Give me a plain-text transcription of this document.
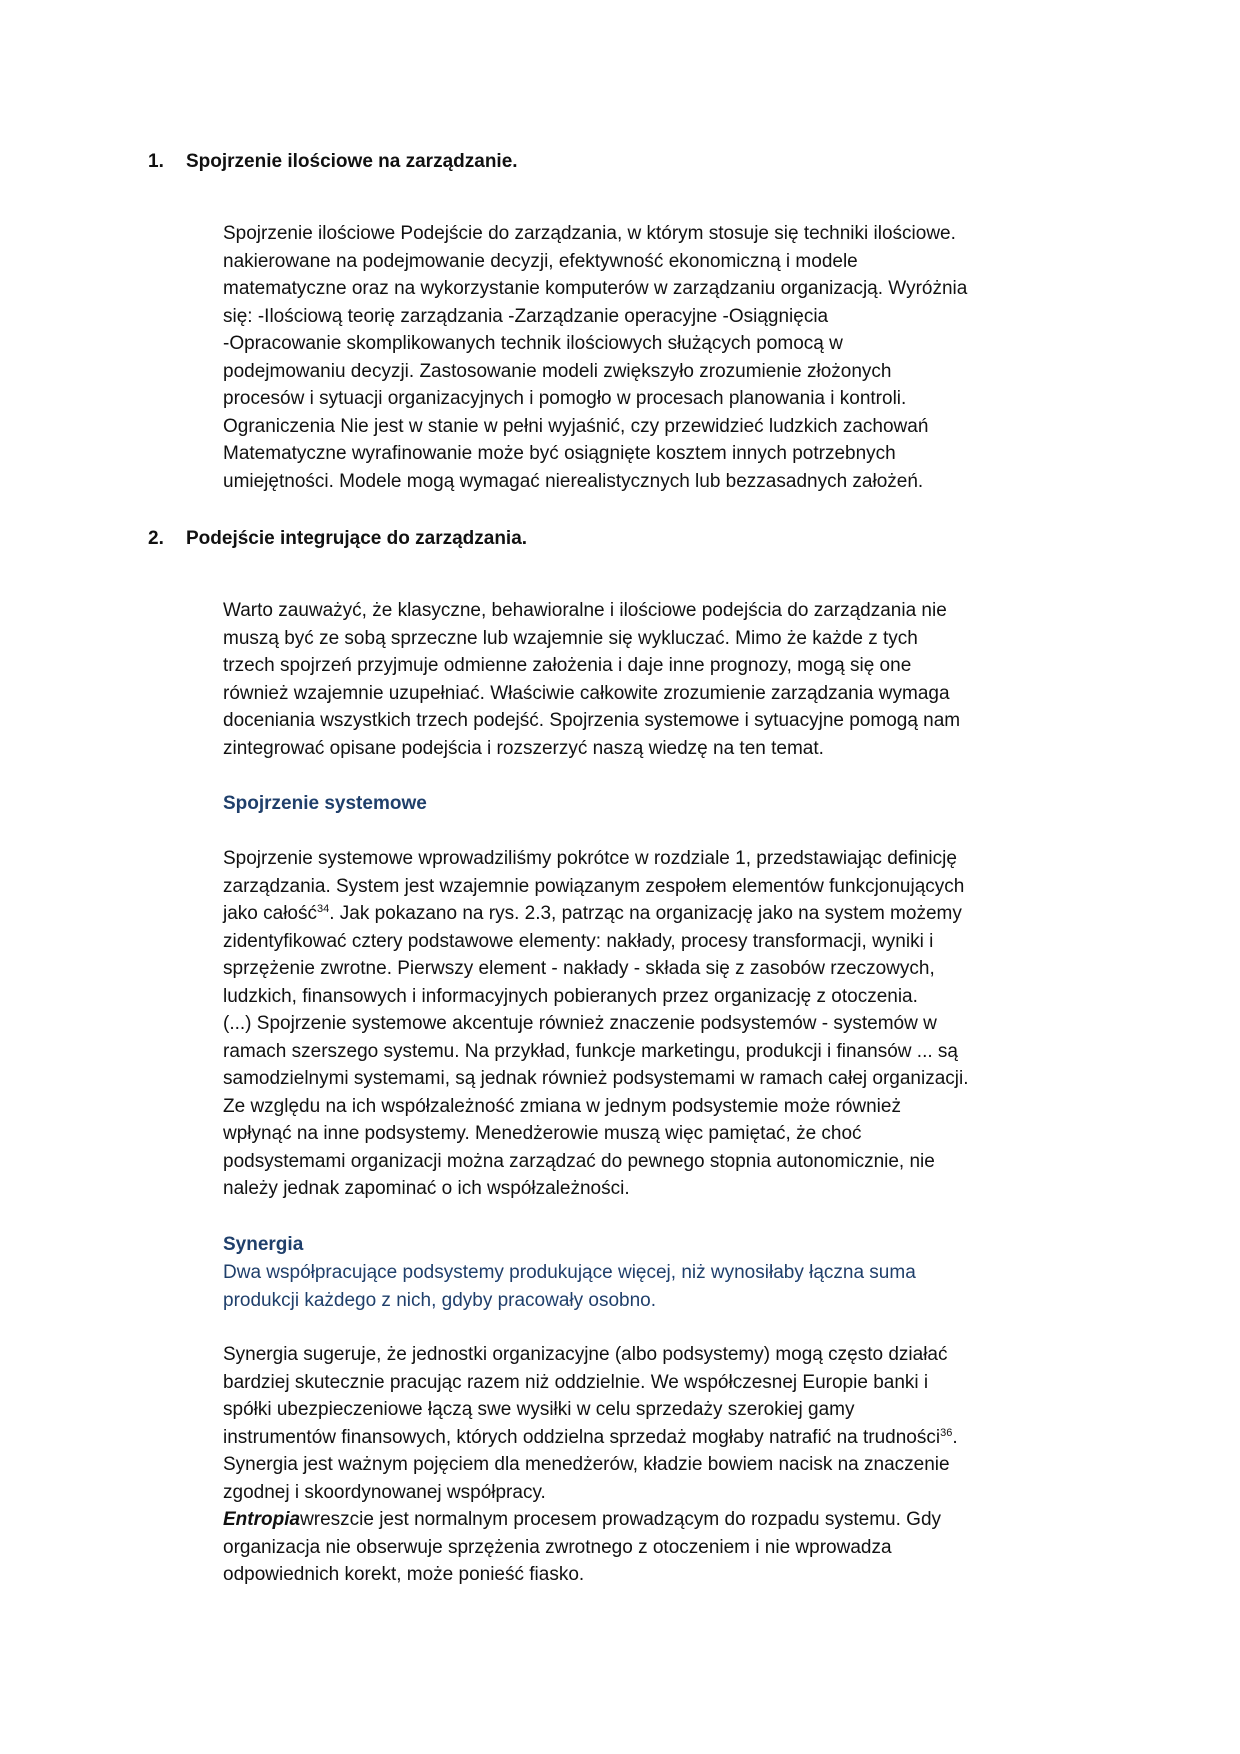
1. Spojrzenie ilościowe na zarządzanie.

Spojrzenie ilościowe Podejście do zarządzania, w którym stosuje się techniki ilościowe.
nakierowane na podejmowanie decyzji, efektywność ekonomiczną i modele
matematyczne oraz na wykorzystanie komputerów w zarządzaniu organizacją. Wyróżnia
się: -Ilościową teorię zarządzania -Zarządzanie operacyjne -Osiągnięcia
-Opracowanie skomplikowanych technik ilościowych służących pomocą w
podejmowaniu decyzji. Zastosowanie modeli zwiększyło zrozumienie złożonych
procesów i sytuacji organizacyjnych i pomogło w procesach planowania i kontroli.
Ograniczenia Nie jest w stanie w pełni wyjaśnić, czy przewidzieć ludzkich zachowań
Matematyczne wyrafinowanie może być osiągnięte kosztem innych potrzebnych
umiejętności. Modele mogą wymagać nierealistycznych lub bezzasadnych założeń.

2. Podejście integrujące do zarządzania.

Warto zauważyć, że klasyczne, behawioralne i ilościowe podejścia do zarządzania nie
muszą być ze sobą sprzeczne lub wzajemnie się wykluczać. Mimo że każde z tych
trzech spojrzeń przyjmuje odmienne założenia i daje inne prognozy, mogą się one
również wzajemnie uzupełniać. Właściwie całkowite zrozumienie zarządzania wymaga
doceniania wszystkich trzech podejść. Spojrzenia systemowe i sytuacyjne pomogą nam
zintegrować opisane podejścia i rozszerzyć naszą wiedzę na ten temat.

Spojrzenie systemowe

Spojrzenie systemowe wprowadziliśmy pokrótce w rozdziale 1, przedstawiając definicję
zarządzania. System jest wzajemnie powiązanym zespołem elementów funkcjonujących
jako całość$^{34}$. Jak pokazano na rys. 2.3, patrząc na organizację jako na system możemy
zidentyfikować cztery podstawowe elementy: nakłady, procesy transformacji, wyniki i
sprzężenie zwrotne. Pierwszy element - nakłady - składa się z zasobów rzeczowych,
ludzkich, finansowych i informacyjnych pobieranych przez organizację z otoczenia.
(...) Spojrzenie systemowe akcentuje również znaczenie podsystemów - systemów w
ramach szerszego systemu. Na przykład, funkcje marketingu, produkcji i finansów ... są
samodzielnymi systemami, są jednak również podsystemami w ramach całej organizacji.
Ze względu na ich współzależność zmiana w jednym podsystemie może również
wpłynąć na inne podsystemy. Menedżerowie muszą więc pamiętać, że choć
podsystemami organizacji można zarządzać do pewnego stopnia autonomicznie, nie
należy jednak zapominać o ich współzależności.

Synergia

Dwa współpracujące podsystemy produkujące więcej, niż wynosiłaby łączna suma
produkcji każdego z nich, gdyby pracowały osobno.

Synergia sugeruje, że jednostki organizacyjne (albo podsystemy) mogą często działać
bardziej skutecznie pracując razem niż oddzielnie. We współczesnej Europie banki i
spółki ubezpieczeniowe łączą swe wysiłki w celu sprzedaży szerokiej gamy
instrumentów finansowych, których oddzielna sprzedaż mogłaby natrafić na trudności$^{36}$.
Synergia jest ważnym pojęciem dla menedżerów, kładzie bowiem nacisk na znaczenie
zgodnej i skoordynowanej współpracy.
Entropiawreszcie jest normalnym procesem prowadzącym do rozpadu systemu. Gdy
organizacja nie obserwuje sprzężenia zwrotnego z otoczeniem i nie wprowadza
odpowiednich korekt, może ponieść fiasko.
